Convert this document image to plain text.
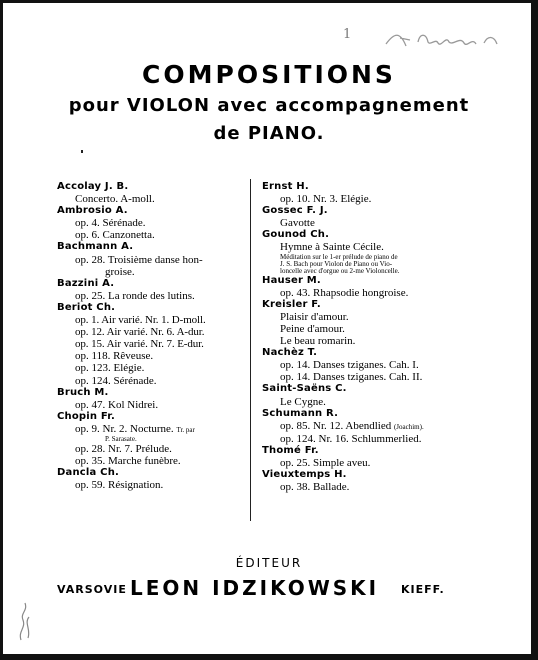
1
COMPOSITIONS
pour VIOLON avec accompagnement
de PIANO.
Accolay J. B.
Concerto. A-moll.
Ambrosio A.
op. 4. Sérénade.
op. 6. Canzonetta.
Bachmann A.
op. 28. Troisième danse hon-
groise.
Bazzini A.
op. 25. La ronde des lutins.
Beriot Ch.
op. 1. Air varié. Nr. 1. D-moll.
op. 12. Air varié. Nr. 6. A-dur.
op. 15. Air varié. Nr. 7. E-dur.
op. 118. Rêveuse.
op. 123. Elégie.
op. 124. Sérénade.
Bruch M.
op. 47. Kol Nidrei.
Chopin Fr.
op. 9. Nr. 2. Nocturne. Tr. par
P. Sarasate.
op. 28. Nr. 7. Prélude.
op. 35. Marche funèbre.
Dancla Ch.
op. 59. Résignation.
Ernst H.
op. 10. Nr. 3. Elégie.
Gossec F. J.
Gavotte
Gounod Ch.
Hymne à Sainte Cécile.
Méditation sur le 1-er prélude de piano de
J. S. Bach pour Violon de Piano ou Vio-
loncelle avec d'orgue ou 2-me Violoncelle.
Hauser M.
op. 43. Rhapsodie hongroise.
Kreisler F.
Plaisir d'amour.
Peine d'amour.
Le beau romarin.
Nachèz T.
op. 14. Danses tziganes. Cah. I.
op. 14. Danses tziganes. Cah. II.
Saint-Saëns C.
Le Cygne.
Schumann R.
op. 85. Nr. 12. Abendlied (Joachim).
op. 124. Nr. 16. Schlummerlied.
Thomé Fr.
op. 25. Simple aveu.
Vieuxtemps H.
op. 38. Ballade.
ÉDITEUR
VARSOVIE LEON IDZIKOWSKI KIEFF.
